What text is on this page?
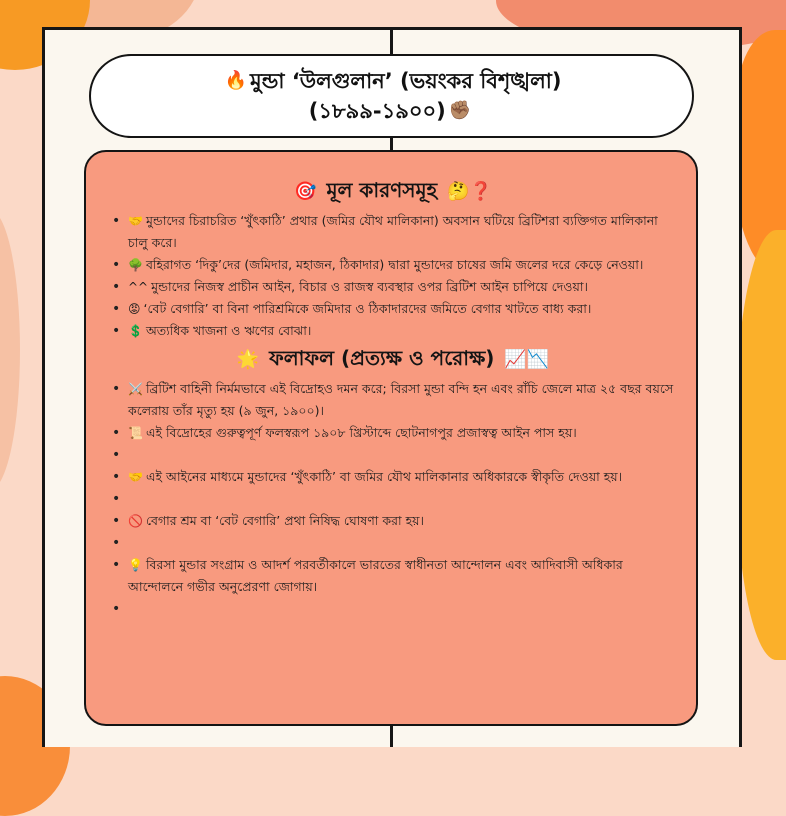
🔥 মুন্ডা ‘উলগুলান’ (ভয়ংকর বিশৃঙ্খলা)
(১৮৯৯-১৯০০) ✊🏽
🎯 মূল কারণসমূহ 🤔❓
• 🤝 মুন্ডাদের চিরাচরিত ‘খুঁৎকাঠি’ প্রথার (জমির যৌথ মালিকানা) অবসান ঘটিয়ে ব্রিটিশরা ব্যক্তিগত মালিকানা চালু করে।
• 🌳 বহিরাগত ‘দিকু’দের (জমিদার, মহাজন, ঠিকাদার) দ্বারা মুন্ডাদের চাষের জমি জলের দরে কেড়ে নেওয়া।
• ^^ মুন্ডাদের নিজস্ব প্রাচীন আইন, বিচার ও রাজস্ব ব্যবস্থার ওপর ব্রিটিশ আইন চাপিয়ে দেওয়া।
• 😡 ‘বেট বেগারি’ বা বিনা পারিশ্রমিকে জমিদার ও ঠিকাদারদের জমিতে বেগার খাটতে বাধ্য করা।
• 💲 অত্যধিক খাজনা ও ঋণের বোঝা।
🌟 ফলাফল (প্রত্যক্ষ ও পরোক্ষ) 📈📉
• ⚔️ ব্রিটিশ বাহিনী নির্মমভাবে এই বিদ্রোহও দমন করে; বিরসা মুন্ডা বন্দি হন এবং রাঁচি জেলে মাত্র ২৫ বছর বয়সে কলেরায় তাঁর মৃত্যু হয় (৯ জুন, ১৯০০)।
• 📜 এই বিদ্রোহের গুরুত্বপূর্ণ ফলস্বরূপ ১৯০৮ খ্রিস্টাব্দে ছোটনাগপুর প্রজাস্বত্ব আইন পাস হয়।
•
• 🤝 এই আইনের মাধ্যমে মুন্ডাদের ‘খুঁৎকাঠি’ বা জমির যৌথ মালিকানার অধিকারকে স্বীকৃতি দেওয়া হয়।
•
• 🚫 বেগার শ্রম বা ‘বেট বেগারি’ প্রথা নিষিদ্ধ ঘোষণা করা হয়।
•
• 💡 বিরসা মুন্ডার সংগ্রাম ও আদর্শ পরবর্তীকালে ভারতের স্বাধীনতা আন্দোলন এবং আদিবাসী অধিকার আন্দোলনে গভীর অনুপ্রেরণা জোগায়।
•
